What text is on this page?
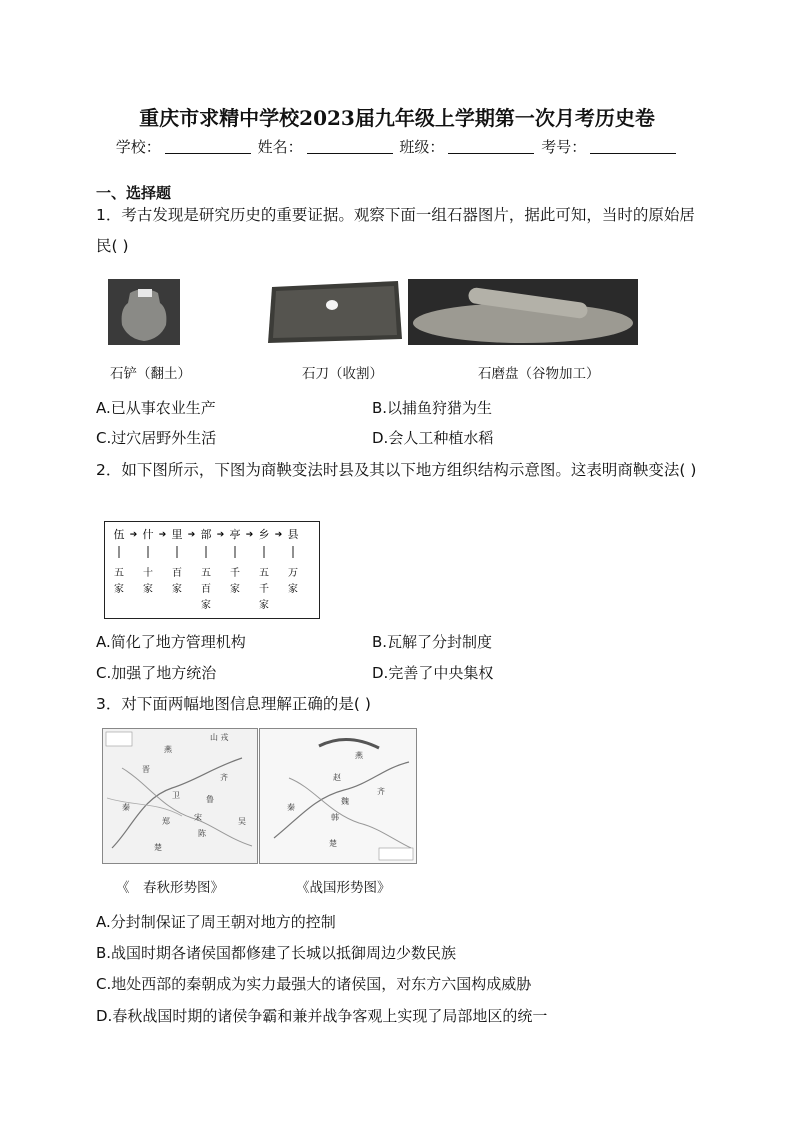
重庆市求精中学校2023届九年级上学期第一次月考历史卷
学校：	姓名：	班级：	考号：
一、选择题
1．考古发现是研究历史的重要证据。观察下面一组石器图片，据此可知，当时的原始居民( )
石铲（翻土）	石刀（收割）	石磨盘（谷物加工）
A.已从事农业生产	B.以捕鱼狩猎为生
C.过穴居野外生活	D.会人工种植水稻
2．如下图所示，下图为商鞅变法时县及其以下地方组织结构示意图。这表明商鞅变法( )
伍 ➔
五
家
什 ➔
十
家
里 ➔
百
家
部 ➔
五
百
家
亭 ➔
千
家
乡 ➔
五
千
家
县
万
家
A.简化了地方管理机构	B.瓦解了分封制度
C.加强了地方统治	D.完善了中央集权
3．对下面两幅地图信息理解正确的是( )
山 戎
燕
晋
齐
鲁
宋
秦
郑
卫
陈
吴
楚
燕
赵
齐
魏
韩
秦
楚
《　春秋形势图》	《战国形势图》
A.分封制保证了周王朝对地方的控制
B.战国时期各诸侯国都修建了长城以抵御周边少数民族
C.地处西部的秦朝成为实力最强大的诸侯国，对东方六国构成威胁
D.春秋战国时期的诸侯争霸和兼并战争客观上实现了局部地区的统一
